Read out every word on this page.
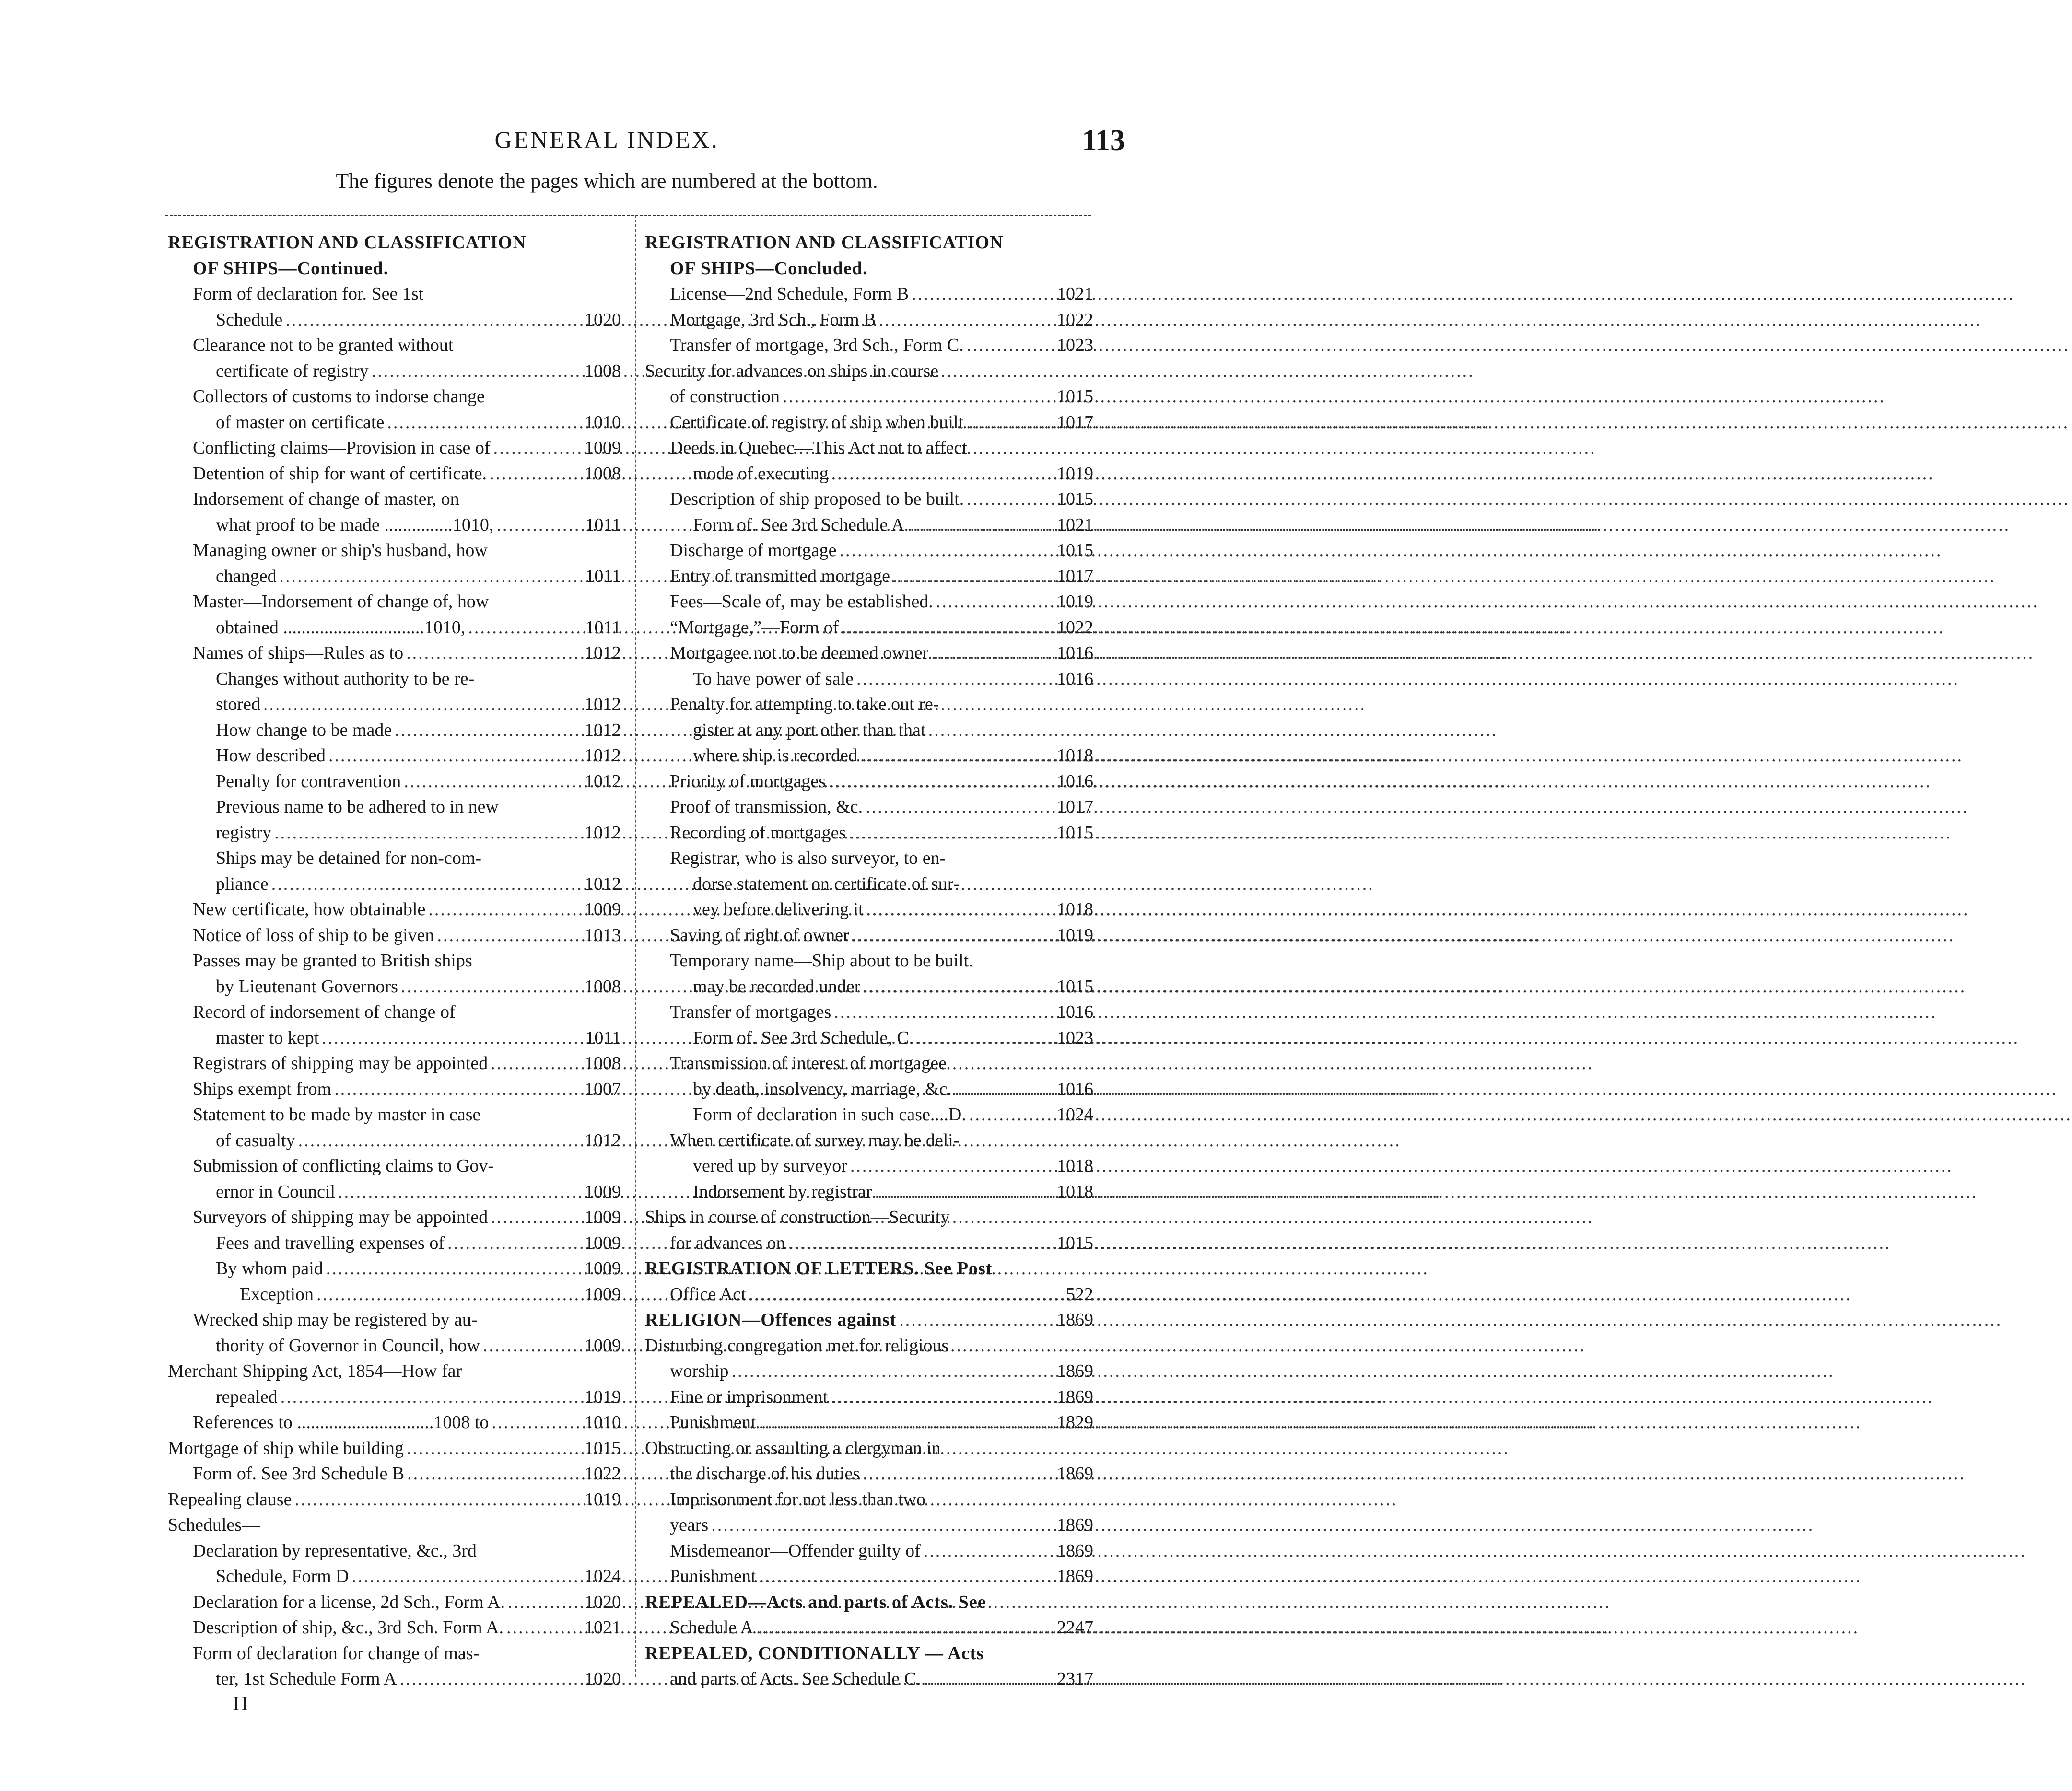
GENERAL INDEX.	113
The figures denote the pages which are numbered at the bottom.
REGISTRATION AND CLASSIFICATION
OF SHIPS—Continued.
Form of declaration for. See 1st
Schedule .....	1020
Clearance not to be granted without
certificate of registry .....	1008
Collectors of customs to indorse change
of master on certificate .....	1010
Conflicting claims—Provision in case of .....	1009
Detention of ship for want of certificate. .....	1008
Indorsement of change of master, on
what proof to be made ...............1010, .....	1011
Managing owner or ship's husband, how
changed .....	1011
Master—Indorsement of change of, how
obtained ...............................1010, .....	1011
Names of ships—Rules as to .....	1012
Changes without authority to be re-
stored .....	1012
How change to be made .....	1012
How described .....	1012
Penalty for contravention .....	1012
Previous name to be adhered to in new
registry .....	1012
Ships may be detained for non-com-
pliance .....	1012
New certificate, how obtainable .....	1009
Notice of loss of ship to be given .....	1013
Passes may be granted to British ships
by Lieutenant Governors .....	1008
Record of indorsement of change of
master to kept .....	1011
Registrars of shipping may be appointed .....	1008
Ships exempt from .....	1007
Statement to be made by master in case
of casualty .....	1012
Submission of conflicting claims to Gov-
ernor in Council .....	1009
Surveyors of shipping may be appointed .....	1009
Fees and travelling expenses of .....	1009
By whom paid .....	1009
Exception .....	1009
Wrecked ship may be registered by au-
thority of Governor in Council, how .....	1009
Merchant Shipping Act, 1854—How far
repealed .....	1019
References to ..............................1008 to .....	1010
Mortgage of ship while building .....	1015
Form of. See 3rd Schedule B .....	1022
Repealing clause .....	1019
Schedules—
Declaration by representative, &c., 3rd
Schedule, Form D .....	1024
Declaration for a license, 2d Sch., Form A. .....	1020
Description of ship, &c., 3rd Sch. Form A. .....	1021
Form of declaration for change of mas-
ter, 1st Schedule Form A .....	1020
REGISTRATION AND CLASSIFICATION
OF SHIPS—Concluded.
License—2nd Schedule, Form B .....	1021
Mortgage, 3rd Sch., Form B .....	1022
Transfer of mortgage, 3rd Sch., Form C. .....	1023
Security for advances on ships in course
of construction .....	1015
Certificate of registry of ship when built .....	1017
Deeds in Quebec—This Act not to affect
mode of executing .....	1019
Description of ship proposed to be built. .....	1015
Form of. See 3rd Schedule A .....	1021
Discharge of mortgage .....	1015
Entry of transmitted mortgage .....	1017
Fees—Scale of, may be established. .....	1019
“Mortgage,”—Form of .....	1022
Mortgagee not to be deemed owner .....	1016
To have power of sale .....	1016
Penalty for attempting to take out re-
gister at any port other than that
where ship is recorded .....	1018
Priority of mortgages .....	1016
Proof of transmission, &c. .....	1017
Recording of mortgages .....	1015
Registrar, who is also surveyor, to en-
dorse statement on certificate of sur-
vey before delivering it .....	1018
Saving of right of owner .....	1019
Temporary name—Ship about to be built.
may be recorded under .....	1015
Transfer of mortgages .....	1016
Form of. See 3rd Schedule, C. .....	1023
Transmission of interest of mortgagee
by death, insolvency, marriage, &c. .....	1016
Form of declaration in such case....D. .....	1024
When certificate of survey may be deli-
vered up by surveyor .....	1018
Indorsement by registrar .....	1018
Ships in course of construction—Security
for advances on .....	1015
REGISTRATION OF LETTERS. See Post
Office Act .....	522
RELIGION—Offences against .....	1869
Disturbing congregation met for religious
worship .....	1869
Fine or imprisonment .....	1869
Punishment .....	1829
Obstructing or assaulting a clergyman in
the discharge of his duties .....	1869
Imprisonment for not less than two
years .....	1869
Misdemeanor—Offender guilty of .....	1869
Punishment .....	1869
REPEALED—Acts and parts of Acts. See
Schedule A .....	2247
REPEALED, CONDITIONALLY — Acts
and parts of Acts. See Schedule C. .....	2317
II
